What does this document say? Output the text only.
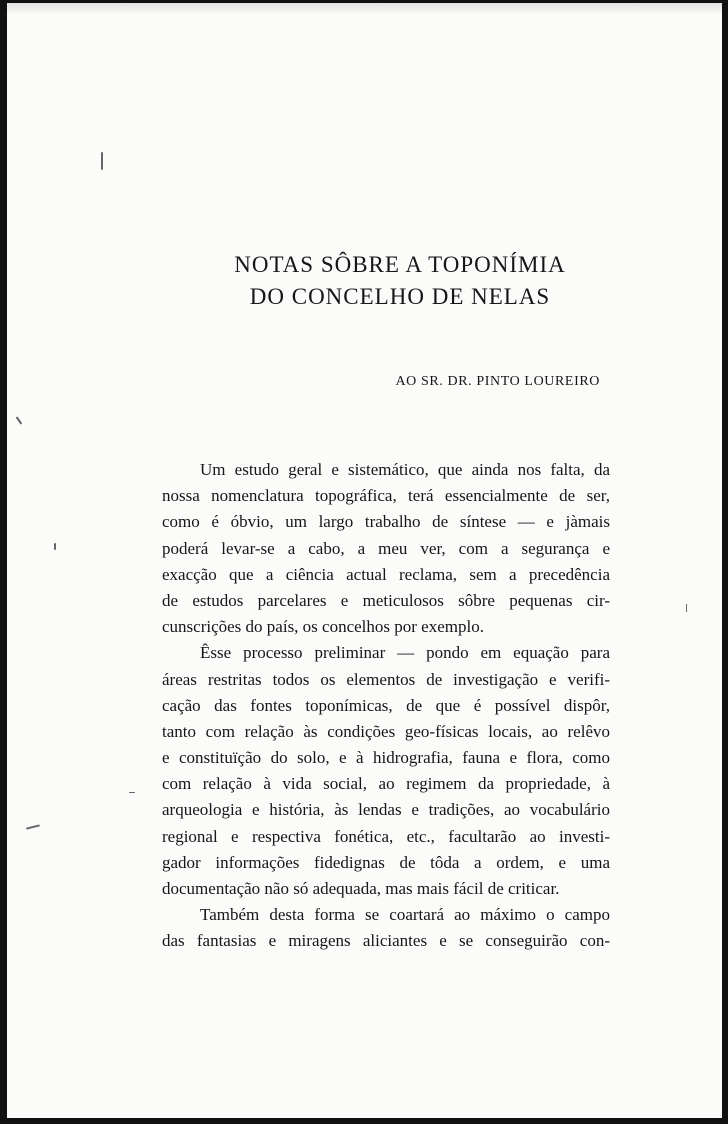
NOTAS SÔBRE A TOPONÍMIA
DO CONCELHO DE NELAS
AO SR. DR. PINTO LOUREIRO
Um estudo geral e sistemático, que ainda nos falta, da
nossa nomenclatura topográfica, terá essencialmente de ser,
como é óbvio, um largo trabalho de síntese — e jàmais
poderá levar-se a cabo, a meu ver, com a segurança e
exacção que a ciência actual reclama, sem a precedência
de estudos parcelares e meticulosos sôbre pequenas cir-
cunscrições do país, os concelhos por exemplo.
Êsse processo preliminar — pondo em equação para
áreas restritas todos os elementos de investigação e verifi-
cação das fontes toponímicas, de que é possível dispôr,
tanto com relação às condições geo-físicas locais, ao relêvo
e constituïção do solo, e à hidrografia, fauna e flora, como
com relação à vida social, ao regimem da propriedade, à
arqueologia e história, às lendas e tradições, ao vocabulário
regional e respectiva fonética, etc., facultarão ao investi-
gador informações fidedignas de tôda a ordem, e uma
documentação não só adequada, mas mais fácil de criticar.
Também desta forma se coartará ao máximo o campo
das fantasias e miragens aliciantes e se conseguirão con-
